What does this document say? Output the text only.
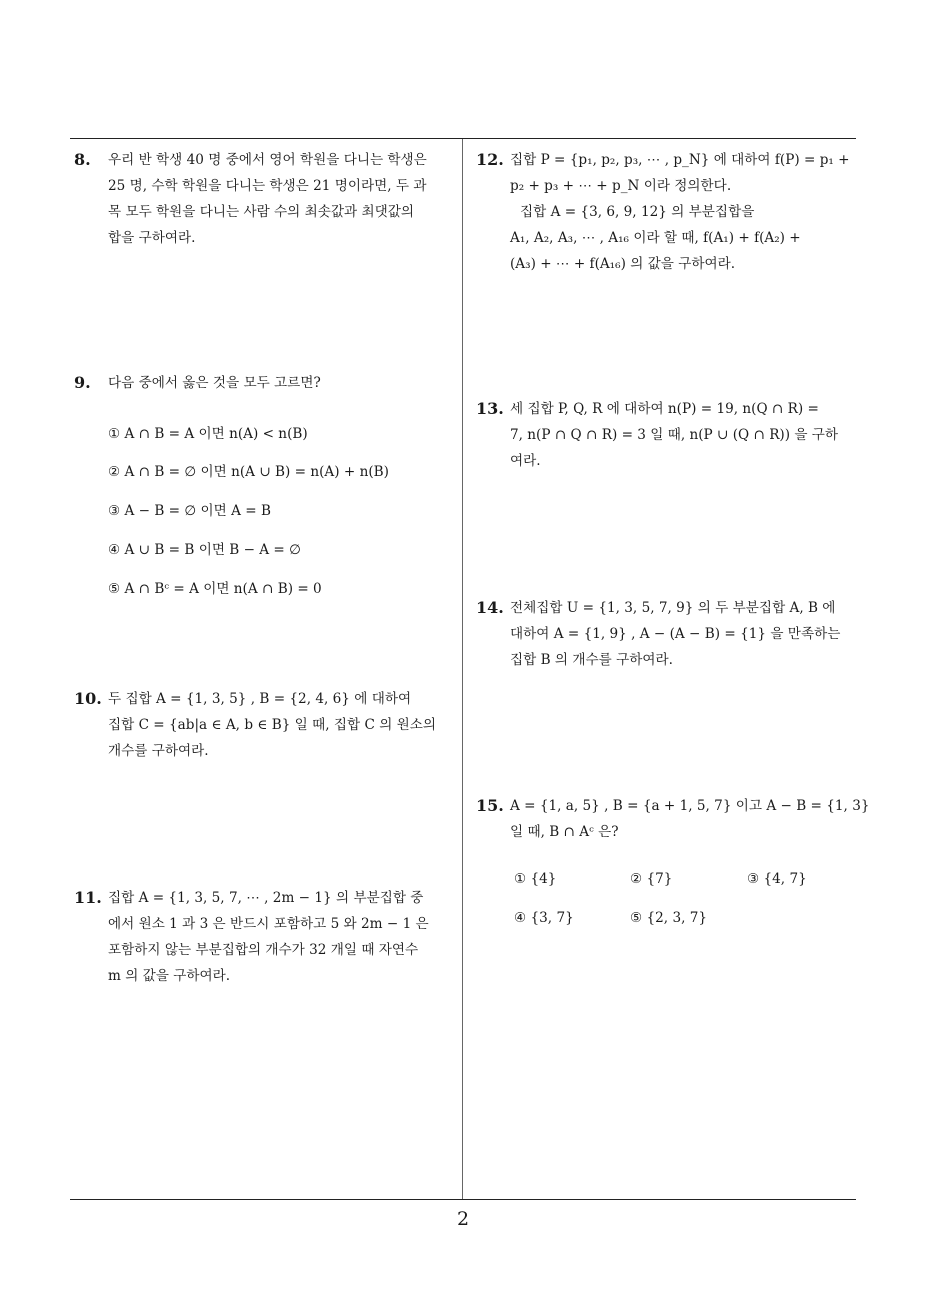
8. 우리 반 학생 40 명 중에서 영어 학원을 다니는 학생은
25 명, 수학 학원을 다니는 학생은 21 명이라면, 두 과
목 모두 학원을 다니는 사람 수의 최솟값과 최댓값의
합을 구하여라.
9. 다음 중에서 옳은 것을 모두 고르면?
① A ∩ B = A 이면 n(A) < n(B)
② A ∩ B = ∅ 이면 n(A ∪ B) = n(A) + n(B)
③ A − B = ∅ 이면 A = B
④ A ∪ B = B 이면 B − A = ∅
⑤ A ∩ Bᶜ = A 이면 n(A ∩ B) = 0
10. 두 집합 A = {1, 3, 5} , B = {2, 4, 6} 에 대하여
집합 C = {ab|a ∈ A, b ∈ B} 일 때, 집합 C 의 원소의
개수를 구하여라.
11. 집합 A = {1, 3, 5, 7, ⋯ , 2m − 1} 의 부분집합 중
에서 원소 1 과 3 은 반드시 포함하고 5 와 2m − 1 은
포함하지 않는 부분집합의 개수가 32 개일 때 자연수
m 의 값을 구하여라.
12. 집합 P = {p₁, p₂, p₃, ⋯ , p_N} 에 대하여 f(P) = p₁ +
p₂ + p₃ + ⋯ + p_N 이라 정의한다.
집합 A = {3, 6, 9, 12} 의 부분집합을
A₁, A₂, A₃, ⋯ , A₁₆ 이라 할 때, f(A₁) + f(A₂) +
(A₃) + ⋯ + f(A₁₆) 의 값을 구하여라.
13. 세 집합 P, Q, R 에 대하여 n(P) = 19, n(Q ∩ R) =
7, n(P ∩ Q ∩ R) = 3 일 때, n(P ∪ (Q ∩ R)) 을 구하
여라.
14. 전체집합 U = {1, 3, 5, 7, 9} 의 두 부분집합 A, B 에
대하여 A = {1, 9} , A − (A − B) = {1} 을 만족하는
집합 B 의 개수를 구하여라.
15. A = {1, a, 5} , B = {a + 1, 5, 7} 이고 A − B = {1, 3}
일 때, B ∩ Aᶜ 은?
① {4}	② {7}	③ {4, 7}
④ {3, 7}	⑤ {2, 3, 7}
2
